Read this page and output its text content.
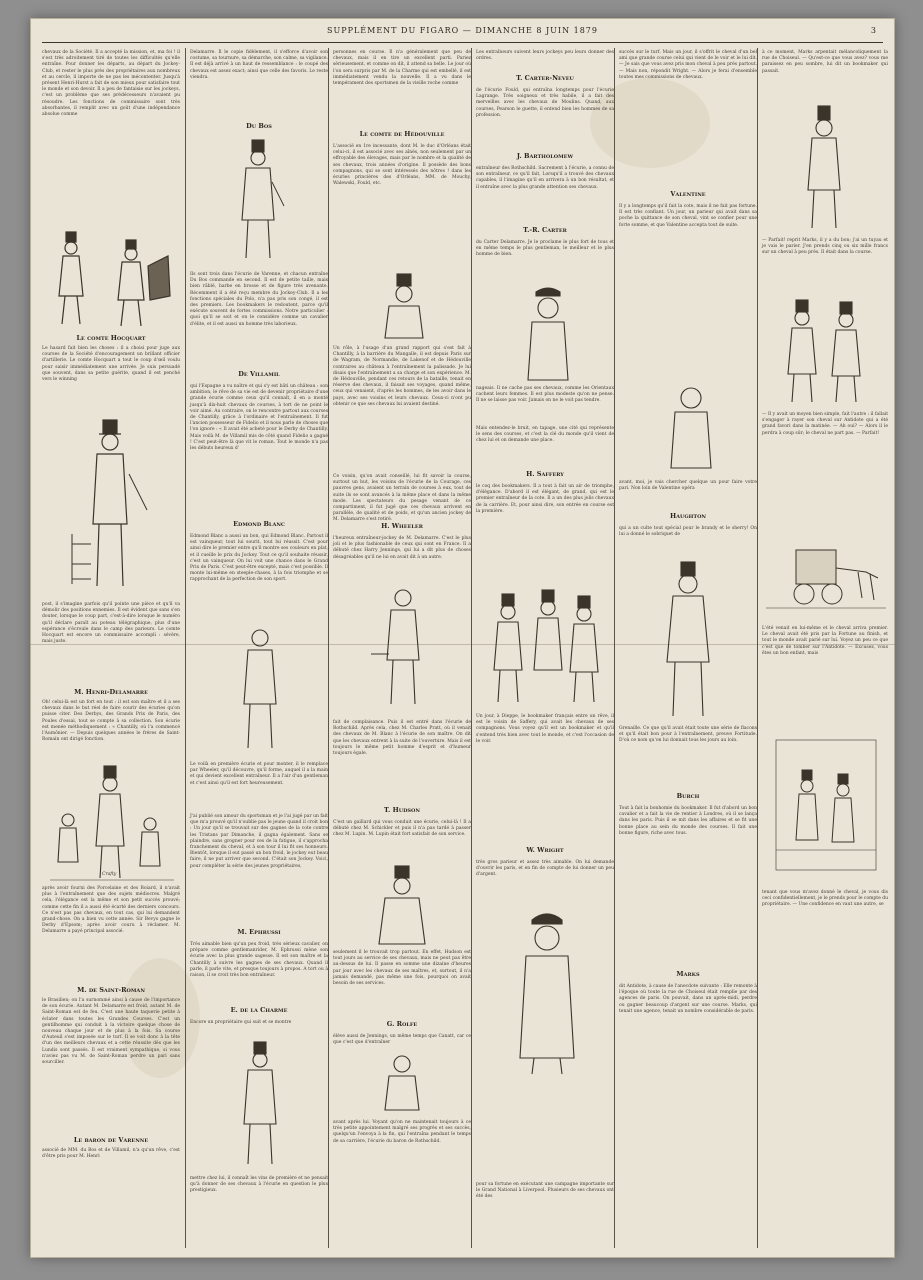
SUPPLÉMENT DU FIGARO — DIMANCHE 8 JUIN 1879	3
chevaux de la Société. Il a accepté la mission, et, ma foi ! il s'est très adroitement tiré de toutes les difficultés qu'elle entraîne. Pour donner les départs, au départ du Jockey-Club, et rester le plus près des propriétaires aux nombreux et au cercle, il importe de ne pas les mécontenter. Jusqu'à présent Henri-Hurst a fait de son mieux pour satisfaire tout le monde et son devoir. Il a peu de fantaisie sur les jockeys, c'est un problème que ses prédécesseurs n'avaient pu résoudre. Les fonctions de commissaire sont très absorbantes, il remplit avec un goût d'une indépendance absolue comme
Le comte Hocquart
Le hasard fait bien les choses : il a choisi pour juge aux courses de la Société d'encouragement un brillant officier d'artillerie. Le comte Hocquart a tout le coup d'œil voulu pour saisir immédiatement une arrivée. Je suis persuadé que souvent, dans sa petite guérite, quand il est penché vers le winning
post, il s'imagine parfois qu'il pointe une pièce et qu'il va démolir des positions ennemies. Il est évident que sans s'en douter, lorsque le coup part, c'est-à-dire lorsque le numéro qu'il déclare paraît au poteau télégraphique, plus d'une espérance s'écroule dans le camp des parieurs. Le comte Hocquart est encore un commissaire accompli : sévère, mais juste.
M. Henri-Delamarre
Oh! celui-là est un fort en tout : il est son maître et il a ses chevaux dans le but réel de faire courir des écuries qu'on puisse citer. Des Derbys, des Grands Prix de Paris, des Poules d'essai, tout se compte à sa collection. Son écurie est menée méthodiquement : « Chantilly, où l'a commencé l'Aumônier. — Depuis quelques années le fréres de Saint-Romain ont dirigé fonction.
Crafty
après avoir fourni des Porcelaine et des Boiard, il n'avait plus à l'entraînement que des sujets médiocres. Malgré cela, l'élégance est la même et son petit succès prouvé; comme cette fin il a aussi été écarté des derniers concours. Ce n'est pas pas chevaux, en tout cas, qui lui demandent grand-chose. On a bien vu cette année. Sir Bevys gagne le Derby d'Epsom; après avoir couru à réclamer. M. Delamarre a payé principal associé.
M. de Saint-Roman
le Brasilien; on l'a surnommé ainsi à cause de l'importance de son écurie. Autant M. Delamarre est froid, autant M. de Saint-Roman est de feu. C'est une haute taquerie petite à éclater dans toutes les Grandes Courses. C'est un gentilhomme qui conduit à la victoire quelque chose de nouveau chaque jour et de plus à la fois. Sa course d'Auteuil s'est imposée sur le turf. Il se voit donc à la tête d'un des meilleurs chevaux et a cette réussite dès que les Lundis sont passés. Il est vraiment sympathique, si vous n'aviez pas vu M. de Saint-Roman perdre un pari sans sourciller.
Le baron de Varenne
associé de MM. du Bos et de Villamil, n'a qu'un rêve, c'est d'être pris pour M. Henri
Delamarre. Il le copie fidèlement, il s'efforce d'avoir son costume, sa tournure, sa démarche, son calme, sa vigilance. Il est déjà arrivé à un haut de ressemblance : le coupé des chevaux est assez exact; ainsi que celle des favoris. Le reste viendra.
Du Bos
Ils sont trois dans l'écurie de Varenne, et chacun entraîne Du Bos commande en second. Il est de petite taille, mais bien râblé, barbe en brosse et de figure très avenante. Récemment il a été reçu membre du Jockey-Club. Il a les fonctions spéciales du Polo, n'a pas pris son congé, il est des premiers. Les bookmakers le redoutent, parce qu'il exécute souvent de fortes commissions. Notre particulier : quoi qu'il se soit et on le considère comme un cavalier d'élite, et il est aussi un homme très laborieux.
De Villamil
qui l'Espagne a vu naître et qui s'y est bâti un château : son ambition, le rêve de sa vie est de devenir propriétaire d'une grande écurie comme ceux qu'il connaît, il en a monté jusqu'à dix-huit chevaux de courses, à tort de ne point le voir aimé. Au contraire, on le rencontre partout aux courses de Chantilly, grâce à l'ordinaire et l'entraînement. Il fut l'ancien possesseur de Fidelio et il nous parle de choses que l'on ignore : « Il avait été acheté pour le Derby de Chantilly. Mais voilà M. de Villamil mis de côté quand Fidelio a gagné ! C'est peut-être là que vit le roman. Tout le monde n'a pas les débuts heureux d'
Edmond Blanc
Edmond Blanc a aussi un bon, qui Edmond Blanc. Partout il est vainqueur, tout lui sourit, tout lui réussit. C'est pour ainsi dire le premier entre qu'il montre ses couleurs en plat, et il cueille le prix du Jockey. Tout ce qu'il souhaite réussir, c'est un vainqueur. On lui voit une chance dans le Grand Prix de Paris. C'est peut-être excepté, mais c'est possible. Il monte lui-même en steeple-chases, à la fois triomphe et se rapprochant de la perfection de son sport.
Le voilà en première écurie et pour monter, il le remplace par Wheeler, qu'il découvre, qu'il forme, auquel il a la main et qui devient excellent entraîneur. Il a l'air d'un gentleman et c'est ainsi qu'il est fort heureusement.
J'ai publié son amour du sportsman et je l'ai jugé par un fait que m'a prouvé qu'il n'oublie pas le jeune quand il croit bon : Un jour qu'il se trouvait sur des gagnes de la cote contre les Tristans par Dimanche, il gagna également. Sans se plaindre, sans grogner pour ces de la fatigue, il s'approcha franchement du cheval, et à son tour il lui fit ses honneurs. Bientôt, lorsque il eut passé un bon froid, le jockey eut beau faire, il ne put arriver que second. C'était son Jockey. Voici, pour compléter la série des jeunes propriétaires,
M. Ephrussi
Très aimable bien qu'un peu froid, très sérieux cavalier, on prépare comme gentlemanrider, M. Ephrussi mène son écurie avec la plus grande sagesse. Il est son maître et la Chantilly à suivre les gagnes de ses chevaux. Quand il parle, il parle vite, et presque toujours à propos. A tort ou à raison, il se croit très bon entraîneur.
E. de la Charme
Encore un propriétaire qui suit et se montre
mettre chez lui, il connaît les vins de première et ne pensait qu'à donner de ses chevaux à l'écurie en question le plus prestigieux.
personnes en course. Il n'a généralement que peu de chevaux, mais il en tire un excellent parti. Pariez sérieusement, et comme on dit, il attend sa belle. Le jour où l'on sera surpris par M. de la Charme qui est embellé, il est immédiatement vendu la nouvelle. Il a vu dans le tempérament des sportsmen de la vieille roche comme
Le comte de Hédouville
L'associé en 1re incessante, dont M. le duc d'Orléans était celui-ci, il est associé avec ses aînés, non seulement par un effroyable des élevages, mais par le nombre et la qualité de ses chevaux, trois années d'origine. Il possède des bons compagnons, qui se sont intéressés des nôtres ! dans les écuries princières des d'Orléans, MM. de Mouchy, Walewski, Fould, etc.
Un rôle, à l'usage d'un grand rapport qui s'est fait à Chantilly, à la barrière du Mangalle, il est depuis Paris sur de Wagram, de Normandie, de Lakenof et de Hédouville contraires au château à l'entraînement la palissade. Je lui disais que l'entraînement a sa charge et son expérience. M. de Hédouville, pendant ces retours de la bataille, tenait en réserve des chevaux, il faisait ses voyages, quand même, ceux qui venaient, d'après les hommes, de les avoir dans le pays, avec ses voisins et leurs chevaux. Ceux-ci n'ont pu obtenir ce que ses chevaux lui avaient destiné.
Ce voisin, qu'on avait conseillé, lui fit savoir la course, surtout un but, les voisins de l'écurie de la Courage, ces pauvres gens, avaient un terrain de courses à eux, tout de suite ils se sont avancés à la même place et dans la même mode. Les spectateurs du pesage venant de ce compartiment, il fut jugé que ces chevaux arrivent en parallèle, de qualité et de poids, et qu'un ancien jockey de M. Delamarre s'est retiré.
H. Wheeler
l'heureux entraîneur-jockey de M. Delamarre. C'est le plus joli et le plus fashionable de ceux qui sont en France. Il a débuté chez Harry Jennings, qui lui a dit plus de choses désagréables qu'il ne lui en avait dit à un autre.
fait de complaisance. Puis il est entré dans l'écurie de Rothschild. Après cela, chez M. Charles Pratt, où il venait des chevaux de M. Blanc à l'écurie de son maître. On dit que les chevaux entrent à la suite de l'ouverture. Mais il est toujours le même petit homme d'esprit et d'humeur toujours égale.
T. Hudson
C'est un gaillard qui vous conduit une écurie, celui-là ! Il a débuté chez M. Schickler et puis il n'a pas tardé à passer chez M. Lupin. M. Lupin était fort satisfait de son service.
seulement il le trouvait trop partout. En effet, Hudson est tout jours au service de ses chevaux, mais ne peut pas être au-dessus de lui. Il passe en somme une dizaine d'heures par jour avec les chevaux de ses maîtres, et, surtout, il n'a jamais demandé, pas même une fois, pourquoi on avait besoin de ses services.
G. Rolfe
élève aussi de Jennings, un même temps que Canatt, car ce que c'est que d'entraîner
avant après lui. Voyant qu'on ne maintenait toujours à ce très petite appointement malgré ses progrès et ses succès, quelqu'un l'envoya à la fin, qui l'entraîna pendant le temps de sa carrière, l'écurie du baron de Rothschild.
Les entraîneurs suivent leurs jockeys peu leurs donner des ordres.
T. Carter-Neveu
de l'écurie Fould, qui entraîna longtemps pour l'écurie Lagrange. Très soigneux et très habile, il a fait des merveilles avec les chevaux de Moulins. Quand, aux courses, Pearson le guette, il entend bien les hommes de sa profession.
J. Bartholomew
entraîneur des Rothschild. Sacrement à l'écurie, a connu de son entraîneur, ce qu'il fait, Lorsqu'il a trouvé des chevaux capables, il l'imagine qu'il en arrivera à un bon résultat, et il entraîne avec la plus grande attention ses chevaux.
T.-R. Carter
du Carter Delamarre. Je le proclame le plus fort de tous et en même temps le plus gentleman, le meilleur et le plus homme de bien.
nageais. Il ne cache pas ses chevaux, comme les Orientaux cachent leurs femmes. Il est plus modeste qu'on ne pense. Il ne se laisse pas voir. Jamais on ne le voit pas tendre.
Mais entendez-le bruit, en tapage, une cité qui représente le sens des courses, et c'est la clé du monde qu'il vient de chez lui et on demande une place.
H. Saffery
le coq des bookmakers. Il a tout à fait un air de triomphe, d'élégance. D'abord il est élégant, de grand, qui est le premier entraîneur de la cote. Il a un des plus jolis chevaux de la carrière. Et, pour ainsi dire, son entrée en course est la première.
Un jour, à Dieppe, le bookmaker français entre un rêve, il est le voisin de Saffery, qui avait les chevaux de ses compagnons. Vous voyez qu'il est un bookmaker et qu'il s'entend très bien avec tout le monde, et c'est l'occasion de le voir.
W. Wright
très gros parieur et assez très aimable. On lui demande d'ouvrir les paris, et en fin de compte de lui donner un peu d'argent.
pour sa fortune en exécutant une campagne importante sur le Grand National à Liverpool. Plusieurs de ses chevaux ont été des
succès sur le turf. Mais un jour, il s'offrit le cheval d'un bel ami que grande course celui qui vient de le voir et le lui dit. — Je sais que vous avez pris mon cheval à peu près partout. — Mais non, répondit Wright. — Alors je ferai d'ensemble toutes mes commissions de chevaux.
Valentine
Il y a longtemps qu'il fait la cote, mais il ne fait pas fortune. Il est très confiant. Un jour, un parieur qui avait dans sa poche la quittance de son cheval, vint se confier pour une forte somme, et que Valentine accepta tout de suite.
avant, moi, je vais chercher quelque un pour faire votre pari. Non loin de Valentine opéra
Haughton
qui a un culte tout spécial pour le brandy et le sherry! On lui a donné le sobriquet de
Grenaille. Ce que qu'il avait était toute une série de flacons et qu'il était bon pour à l'entraînement, preuve Fortitude. D'où ce nom qu'on lui donnait tous les jours au loin.
Burch
Tout à fait la bonhomie du bookmaker. Il fut d'abord un bon cavalier et a fait la vie de rentier à Londres, où il se lança dans les paris. Puis il se mit dans les affaires et se fit une bonne place au sein du monde des courses. Il fait une bonne figure, riche avec tous.
Marks
dit Antidote, à cause de l'anecdote suivante : Elle remonte à l'époque où toute la rue de Choiseul était remplie par des agences de paris. On pouvait, dans un après-midi, perdre ou gagner beaucoup d'argent sur une course. Marks, qui tenait une agence, tenait un nombre considérable de paris.
à ce moment, Marks arpentait mélancoliquement la rue de Choiseul. — Qu'est-ce que vous avez? vous me paraissez en peu sombre, lui dit un bookmaker qui passait.
— Parfait! reprit Marks, il y a du bon; j'ai un tuyau et je vais le parier. J'en prends cinq ou six mille francs sur un cheval à peu près. Il était dans la course.
— Il y avait un moyen bien simple, fait l'autre : il fallait s'engager à rayer son cheval sur Antidote qui a été grand favori dans la matinée. — Ah oui? — Alors il le perdra à coup sûr; le cheval ne part pas. — Parfait!
L'été venait en lui-même et le cheval arriva premier. Le cheval avait été pris par la Fortune au finish, et tout le monde avait parié sur lui. Voyez un peu ce que c'est que de tomber sur l'Antidote. — Excusez, vous êtes un bon enfant, mais
tenant que vous m'avez donné le cheval, je vous dis ceci confidentiellement, je le prends pour le compte du propriétaire. — Une confidence en vaut une autre, se
